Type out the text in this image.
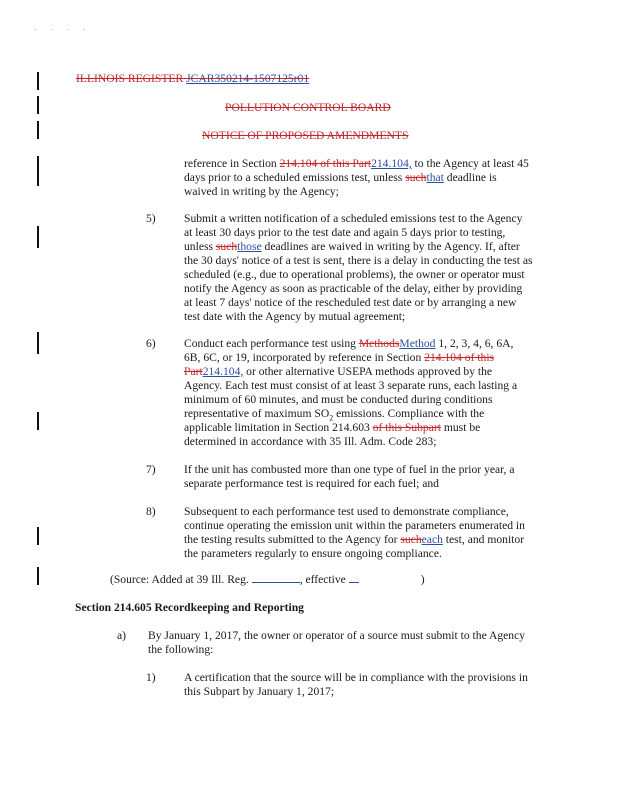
· · · ·
ILLINOIS REGISTER JCAR350214-1507125r01
POLLUTION CONTROL BOARD
NOTICE OF PROPOSED AMENDMENTS
reference in Section 214.104 of this Part214.104, to the Agency at least 45
days prior to a scheduled emissions test, unless suchthat deadline is
waived in writing by the Agency;
5) Submit a written notification of a scheduled emissions test to the Agency
at least 30 days prior to the test date and again 5 days prior to testing,
unless suchthose deadlines are waived in writing by the Agency. If, after
the 30 days' notice of a test is sent, there is a delay in conducting the test as
scheduled (e.g., due to operational problems), the owner or operator must
notify the Agency as soon as practicable of the delay, either by providing
at least 7 days' notice of the rescheduled test date or by arranging a new
test date with the Agency by mutual agreement;
6) Conduct each performance test using MethodsMethod 1, 2, 3, 4, 6, 6A,
6B, 6C, or 19, incorporated by reference in Section 214.104 of this
Part214.104, or other alternative USEPA methods approved by the
Agency. Each test must consist of at least 3 separate runs, each lasting a
minimum of 60 minutes, and must be conducted during conditions
representative of maximum $SO_2$ emissions. Compliance with the
applicable limitation in Section 214.603 of this Subpart must be
determined in accordance with 35 Ill. Adm. Code 283;
7) If the unit has combusted more than one type of fuel in the prior year, a
separate performance test is required for each fuel; and
8) Subsequent to each performance test used to demonstrate compliance,
continue operating the emission unit within the parameters enumerated in
the testing results submitted to the Agency for sucheach test, and monitor
the parameters regularly to ensure ongoing compliance.
(Source: Added at 39 Ill. Reg.	, effective	)
Section 214.605 Recordkeeping and Reporting
a) By January 1, 2017, the owner or operator of a source must submit to the Agency
the following:
1) A certification that the source will be in compliance with the provisions in
this Subpart by January 1, 2017;
